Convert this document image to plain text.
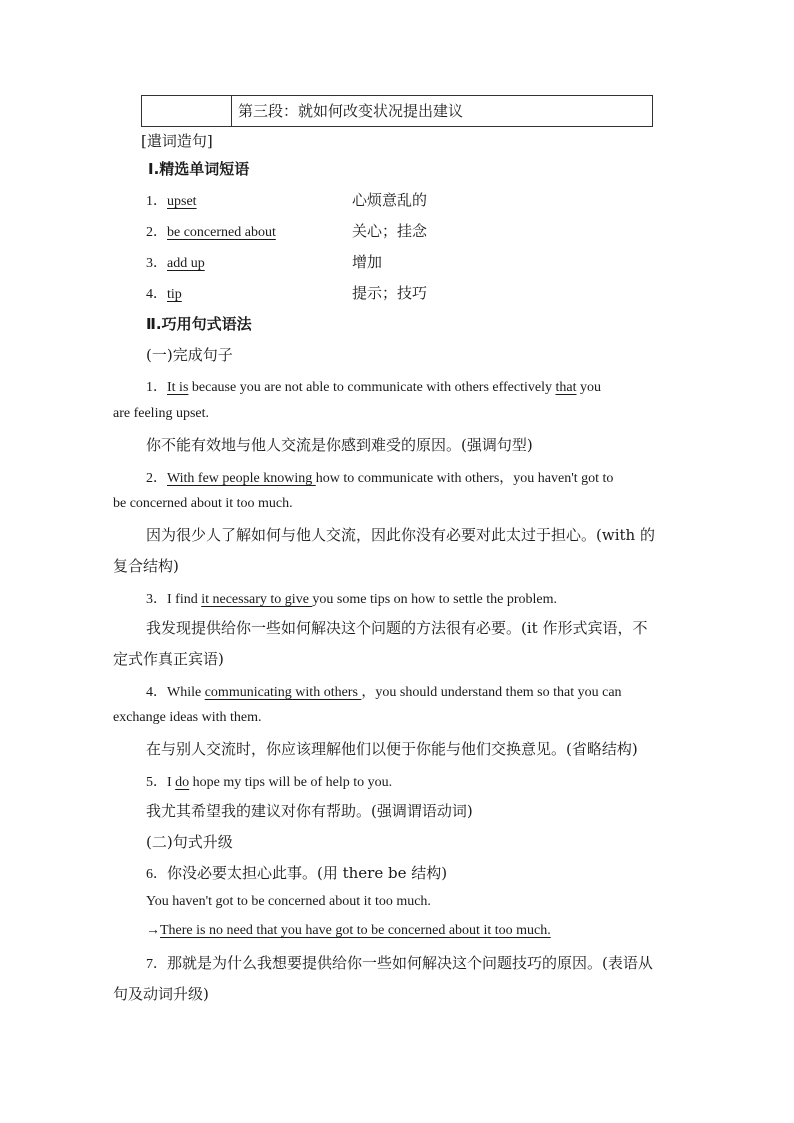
第三段：就如何改变状况提出建议
[遣词造句]
Ⅰ.精选单词短语
1．upset	心烦意乱的
2．be concerned about	关心；挂念
3．add up	增加
4．tip	提示；技巧
Ⅱ.巧用句式语法
(一)完成句子
1．It is because you are not able to communicate with others effectively that you
are feeling upset.
你不能有效地与他人交流是你感到难受的原因。(强调句型)
2．With few people knowing how to communicate with others，you haven't got to
be concerned about it too much.
因为很少人了解如何与他人交流，因此你没有必要对此太过于担心。(with 的
复合结构)
3．I find it necessary to give you some tips on how to settle the problem.
我发现提供给你一些如何解决这个问题的方法很有必要。(it 作形式宾语，不
定式作真正宾语)
4．While communicating with others ，you should understand them so that you can
exchange ideas with them.
在与别人交流时，你应该理解他们以便于你能与他们交换意见。(省略结构)
5．I do hope my tips will be of help to you.
我尤其希望我的建议对你有帮助。(强调谓语动词)
(二)句式升级
6．你没必要太担心此事。(用 there be 结构)
You haven't got to be concerned about it too much.
→There is no need that you have got to be concerned about it too much.
7．那就是为什么我想要提供给你一些如何解决这个问题技巧的原因。(表语从
句及动词升级)
